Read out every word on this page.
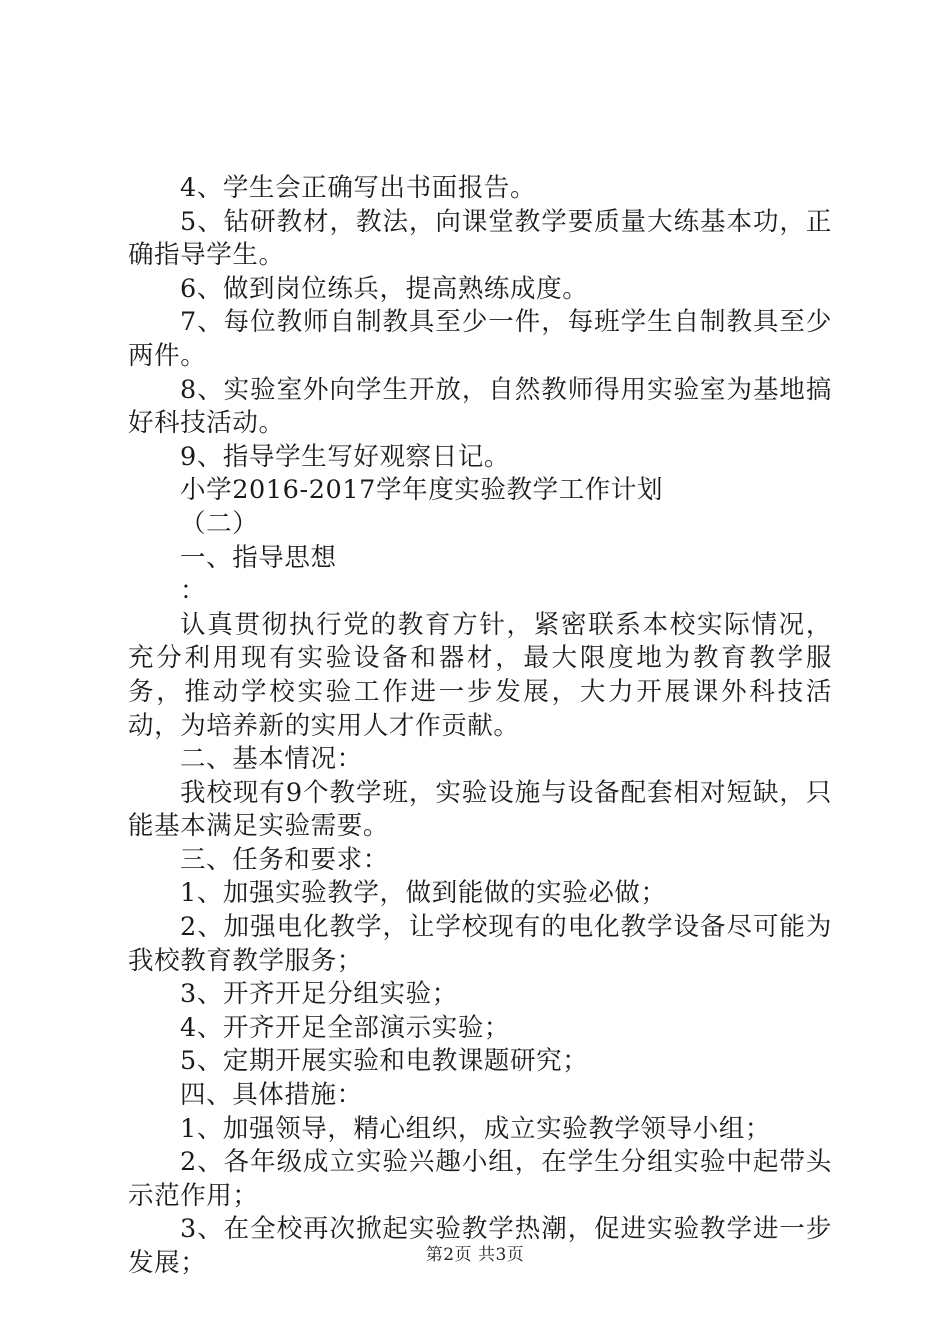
4、学生会正确写出书面报告。

5、钻研教材，教法，向课堂教学要质量大练基本功，正确指导学生。

6、做到岗位练兵，提高熟练成度。

7、每位教师自制教具至少一件，每班学生自制教具至少两件。

8、实验室外向学生开放，自然教师得用实验室为基地搞好科技活动。

9、指导学生写好观察日记。

小学2016-2017学年度实验教学工作计划

（二）

一、指导思想

：

认真贯彻执行党的教育方针，紧密联系本校实际情况，充分利用现有实验设备和器材，最大限度地为教育教学服务，推动学校实验工作进一步发展，大力开展课外科技活动，为培养新的实用人才作贡献。

二、基本情况：

我校现有9个教学班，实验设施与设备配套相对短缺，只能基本满足实验需要。

三、任务和要求：

1、加强实验教学，做到能做的实验必做；

2、加强电化教学，让学校现有的电化教学设备尽可能为我校教育教学服务；

3、开齐开足分组实验；

4、开齐开足全部演示实验；

5、定期开展实验和电教课题研究；

四、具体措施：

1、加强领导，精心组织，成立实验教学领导小组；

2、各年级成立实验兴趣小组，在学生分组实验中起带头示范作用；

3、在全校再次掀起实验教学热潮，促进实验教学进一步发展；	第2页 共3页
